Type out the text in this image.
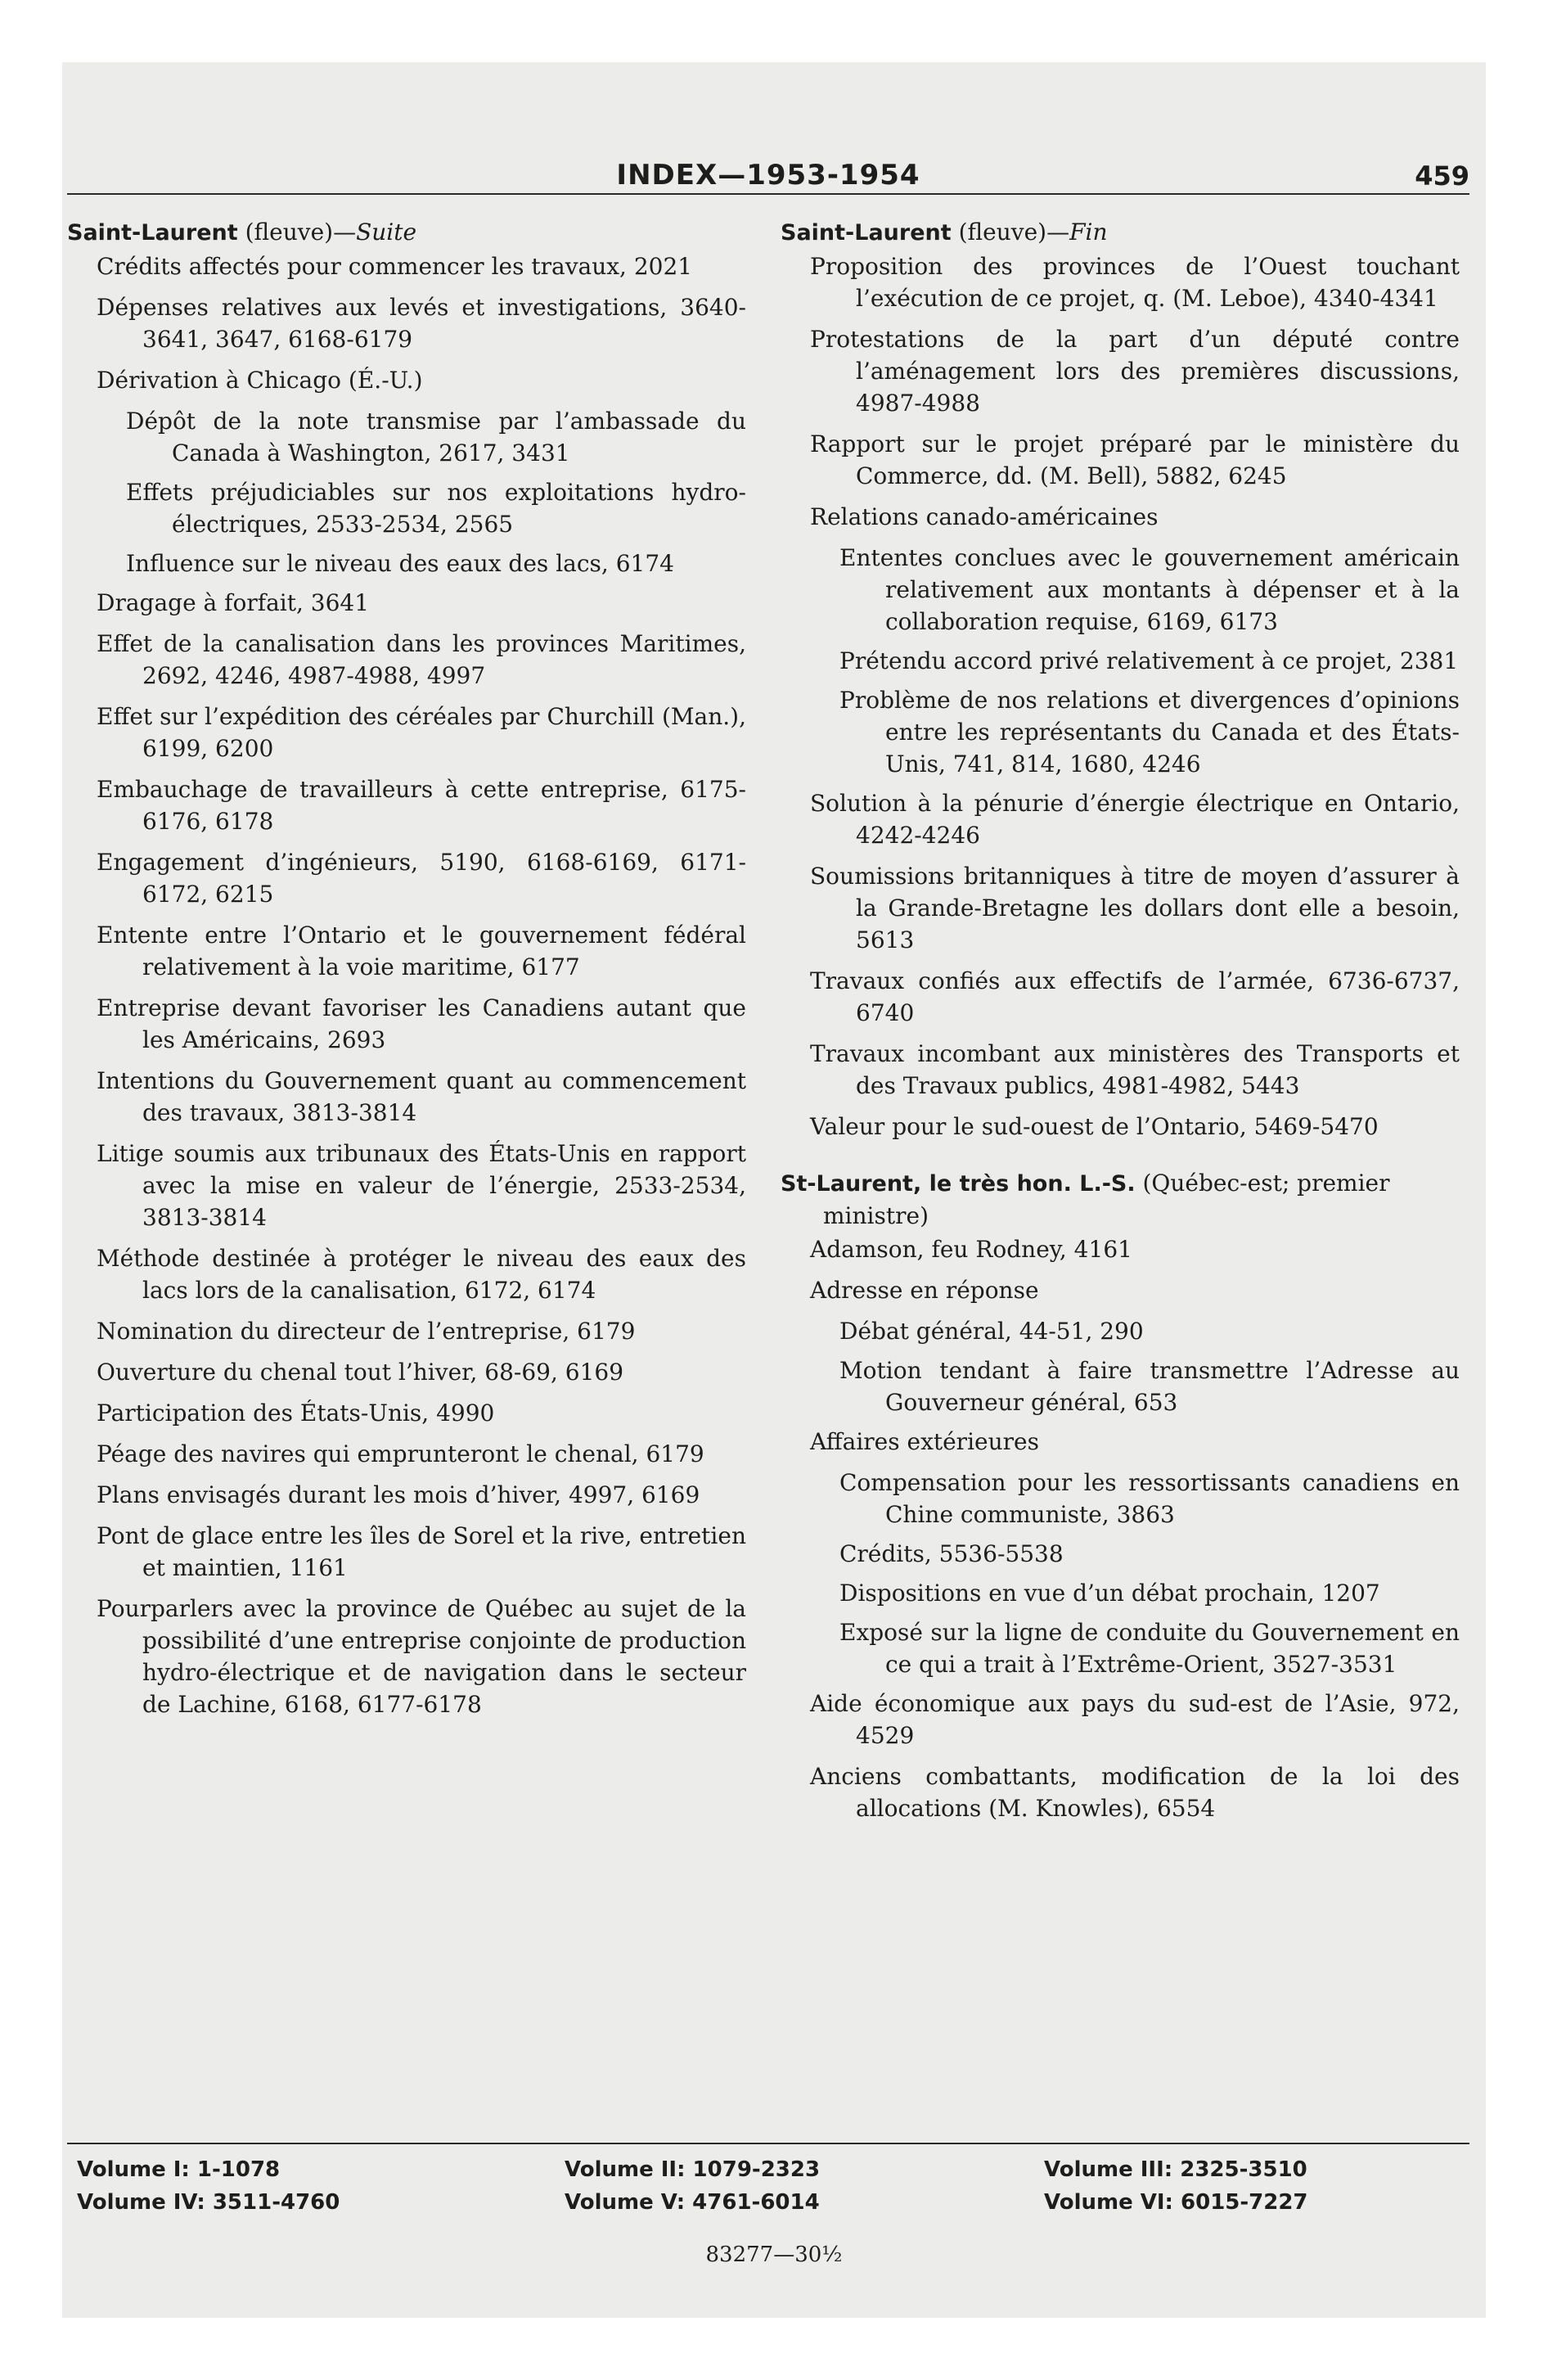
INDEX—1953-1954	459
Saint-Laurent (fleuve)—Suite
Crédits affectés pour commencer les travaux, 2021
Dépenses relatives aux levés et investigations, 3640-3641, 3647, 6168-6179
Dérivation à Chicago (É.-U.)
Dépôt de la note transmise par l’ambassade du Canada à Washington, 2617, 3431
Effets préjudiciables sur nos exploitations hydro-électriques, 2533-2534, 2565
Influence sur le niveau des eaux des lacs, 6174
Dragage à forfait, 3641
Effet de la canalisation dans les provinces Maritimes, 2692, 4246, 4987-4988, 4997
Effet sur l’expédition des céréales par Churchill (Man.), 6199, 6200
Embauchage de travailleurs à cette entreprise, 6175-6176, 6178
Engagement d’ingénieurs, 5190, 6168-6169, 6171-6172, 6215
Entente entre l’Ontario et le gouvernement fédéral relativement à la voie maritime, 6177
Entreprise devant favoriser les Canadiens autant que les Américains, 2693
Intentions du Gouvernement quant au commencement des travaux, 3813-3814
Litige soumis aux tribunaux des États-Unis en rapport avec la mise en valeur de l’énergie, 2533-2534, 3813-3814
Méthode destinée à protéger le niveau des eaux des lacs lors de la canalisation, 6172, 6174
Nomination du directeur de l’entreprise, 6179
Ouverture du chenal tout l’hiver, 68-69, 6169
Participation des États-Unis, 4990
Péage des navires qui emprunteront le chenal, 6179
Plans envisagés durant les mois d’hiver, 4997, 6169
Pont de glace entre les îles de Sorel et la rive, entretien et maintien, 1161
Pourparlers avec la province de Québec au sujet de la possibilité d’une entreprise conjointe de production hydro-électrique et de navigation dans le secteur de Lachine, 6168, 6177-6178
Saint-Laurent (fleuve)—Fin
Proposition des provinces de l’Ouest touchant l’exécution de ce projet, q. (M. Leboe), 4340-4341
Protestations de la part d’un député contre l’aménagement lors des premières discussions, 4987-4988
Rapport sur le projet préparé par le ministère du Commerce, dd. (M. Bell), 5882, 6245
Relations canado-américaines
Ententes conclues avec le gouvernement américain relativement aux montants à dépenser et à la collaboration requise, 6169, 6173
Prétendu accord privé relativement à ce projet, 2381
Problème de nos relations et divergences d’opinions entre les représentants du Canada et des États-Unis, 741, 814, 1680, 4246
Solution à la pénurie d’énergie électrique en Ontario, 4242-4246
Soumissions britanniques à titre de moyen d’assurer à la Grande-Bretagne les dollars dont elle a besoin, 5613
Travaux confiés aux effectifs de l’armée, 6736-6737, 6740
Travaux incombant aux ministères des Transports et des Travaux publics, 4981-4982, 5443
Valeur pour le sud-ouest de l’Ontario, 5469-5470
St-Laurent, le très hon. L.-S. (Québec-est; premier ministre)
Adamson, feu Rodney, 4161
Adresse en réponse
Débat général, 44-51, 290
Motion tendant à faire transmettre l’Adresse au Gouverneur général, 653
Affaires extérieures
Compensation pour les ressortissants canadiens en Chine communiste, 3863
Crédits, 5536-5538
Dispositions en vue d’un débat prochain, 1207
Exposé sur la ligne de conduite du Gouvernement en ce qui a trait à l’Extrême-Orient, 3527-3531
Aide économique aux pays du sud-est de l’Asie, 972, 4529
Anciens combattants, modification de la loi des allocations (M. Knowles), 6554
Volume I: 1-1078	Volume II: 1079-2323	Volume III: 2325-3510
Volume IV: 3511-4760	Volume V: 4761-6014	Volume VI: 6015-7227
83277—30½
